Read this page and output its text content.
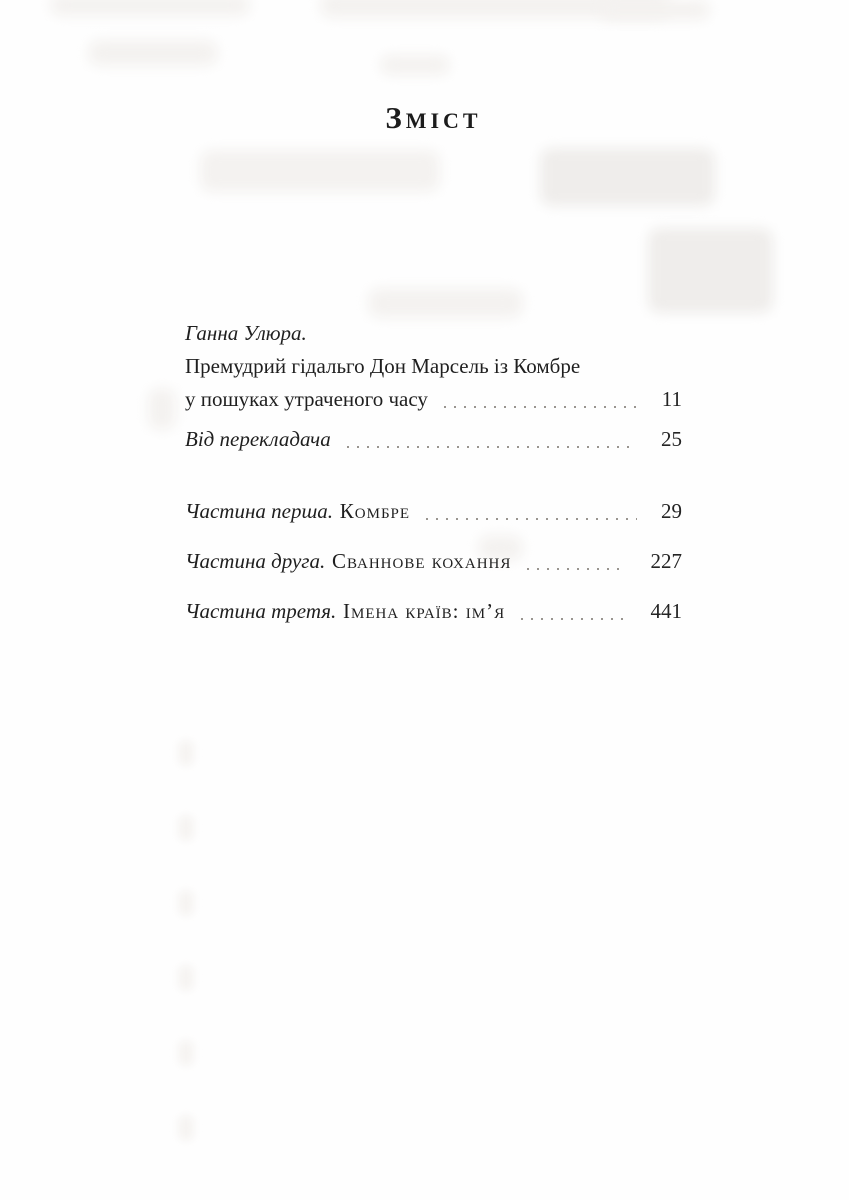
Зміст
Ганна Улюра.
Премудрий гідальго Дон Марсель із Комбре
у пошуках утраченого часу	11
Від перекладача	25
Частина перша. Комбре	29
Частина друга. Сваннове кохання	227
Частина третя. Імена країв: ім’я	441
